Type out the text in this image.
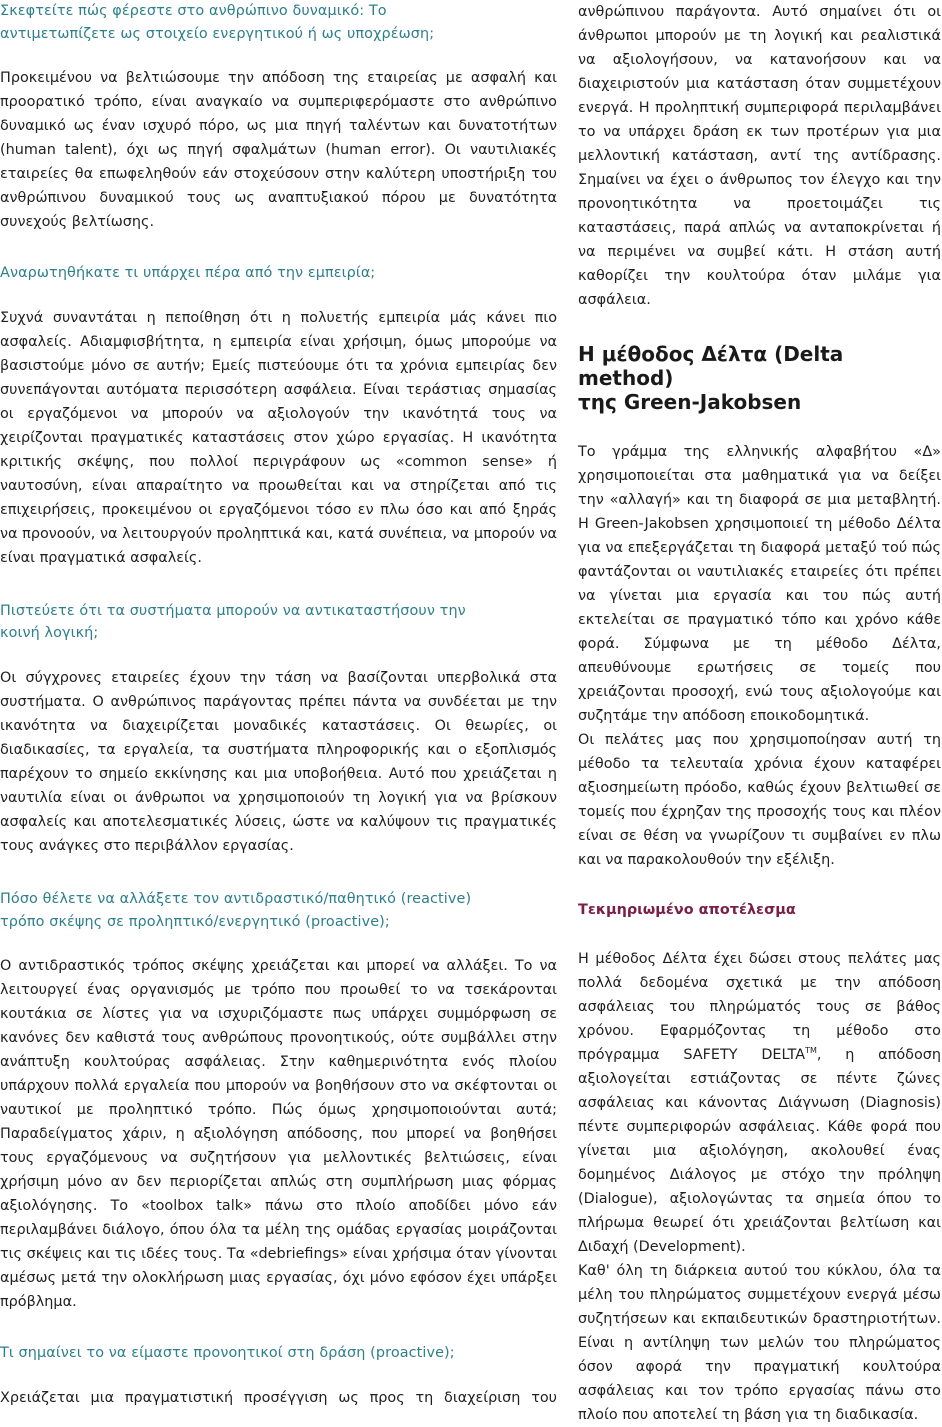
Σκεφτείτε πώς φέρεστε στο ανθρώπινο δυναμικό: Το αντιμετωπίζετε ως στοιχείο ενεργητικού ή ως υποχρέωση;

Προκειμένου να βελτιώσουμε την απόδοση της εταιρείας με ασφαλή και προορατικό τρόπο, είναι αναγκαίο να συμπεριφερόμαστε στο ανθρώπινο δυναμικό ως έναν ισχυρό πόρο, ως μια πηγή ταλέντων και δυνατοτήτων (human talent), όχι ως πηγή σφαλμάτων (human error). Οι ναυτιλιακές εταιρείες θα επωφεληθούν εάν στοχεύσουν στην καλύτερη υποστήριξη του ανθρώπινου δυναμικού τους ως αναπτυξιακού πόρου με δυνατότητα συνεχούς βελτίωσης.

Αναρωτηθήκατε τι υπάρχει πέρα από την εμπειρία;

Συχνά συναντάται η πεποίθηση ότι η πολυετής εμπειρία μάς κάνει πιο ασφαλείς. Αδιαμφισβήτητα, η εμπειρία είναι χρήσιμη, όμως μπορούμε να βασιστούμε μόνο σε αυτήν; Εμείς πιστεύουμε ότι τα χρόνια εμπειρίας δεν συνεπάγονται αυτόματα περισσότερη ασφάλεια. Είναι τεράστιας σημασίας οι εργαζόμενοι να μπορούν να αξιολογούν την ικανότητά τους να χειρίζονται πραγματικές καταστάσεις στον χώρο εργασίας. Η ικανότητα κριτικής σκέψης, που πολλοί περιγράφουν ως «common sense» ή ναυτοσύνη, είναι απαραίτητο να προωθείται και να στηρίζεται από τις επιχειρήσεις, προκειμένου οι εργαζόμενοι τόσο εν πλω όσο και από ξηράς να προνοούν, να λειτουργούν προληπτικά και, κατά συνέπεια, να μπορούν να είναι πραγματικά ασφαλείς.

Πιστεύετε ότι τα συστήματα μπορούν να αντικαταστήσουν την κοινή λογική;

Οι σύγχρονες εταιρείες έχουν την τάση να βασίζονται υπερβολικά στα συστήματα. Ο ανθρώπινος παράγοντας πρέπει πάντα να συνδέεται με την ικανότητα να διαχειρίζεται μοναδικές καταστάσεις. Οι θεωρίες, οι διαδικασίες, τα εργαλεία, τα συστήματα πληροφορικής και ο εξοπλισμός παρέχουν το σημείο εκκίνησης και μια υποβοήθεια. Αυτό που χρειάζεται η ναυτιλία είναι οι άνθρωποι να χρησιμοποιούν τη λογική για να βρίσκουν ασφαλείς και αποτελεσματικές λύσεις, ώστε να καλύψουν τις πραγματικές τους ανάγκες στο περιβάλλον εργασίας.

Πόσο θέλετε να αλλάξετε τον αντιδραστικό/παθητικό (reactive) τρόπο σκέψης σε προληπτικό/ενεργητικό (proactive);

Ο αντιδραστικός τρόπος σκέψης χρειάζεται και μπορεί να αλλάξει. Το να λειτουργεί ένας οργανισμός με τρόπο που προωθεί το να τσεκάρονται κουτάκια σε λίστες για να ισχυριζόμαστε πως υπάρχει συμμόρφωση σε κανόνες δεν καθιστά τους ανθρώπους προνοητικούς, ούτε συμβάλλει στην ανάπτυξη κουλτούρας ασφάλειας. Στην καθημερινότητα ενός πλοίου υπάρχουν πολλά εργαλεία που μπορούν να βοηθήσουν στο να σκέφτονται οι ναυτικοί με προληπτικό τρόπο. Πώς όμως χρησιμοποιούνται αυτά; Παραδείγματος χάριν, η αξιολόγηση απόδοσης, που μπορεί να βοηθήσει τους εργαζόμενους να συζητήσουν για μελλοντικές βελτιώσεις, είναι χρήσιμη μόνο αν δεν περιορίζεται απλώς στη συμπλήρωση μιας φόρμας αξιολόγησης. Το «toolbox talk» πάνω στο πλοίο αποδίδει μόνο εάν περιλαμβάνει διάλογο, όπου όλα τα μέλη της ομάδας εργασίας μοιράζονται τις σκέψεις και τις ιδέες τους. Τα «debriefings» είναι χρήσιμα όταν γίνονται αμέσως μετά την ολοκλήρωση μιας εργασίας, όχι μόνο εφόσον έχει υπάρξει πρόβλημα.

Τι σημαίνει το να είμαστε προνοητικοί στη δράση (proactive);

Χρειάζεται μια πραγματιστική προσέγγιση ως προς τη διαχείριση του

ανθρώπινου παράγοντα. Αυτό σημαίνει ότι οι άνθρωποι μπορούν με τη λογική και ρεαλιστικά να αξιολογήσουν, να κατανοήσουν και να διαχειριστούν μια κατάσταση όταν συμμετέχουν ενεργά. Η προληπτική συμπεριφορά περιλαμβάνει το να υπάρχει δράση εκ των προτέρων για μια μελλοντική κατάσταση, αντί της αντίδρασης. Σημαίνει να έχει ο άνθρωπος τον έλεγχο και την προνοητικότητα να προετοιμάζει τις καταστάσεις, παρά απλώς να ανταποκρίνεται ή να περιμένει να συμβεί κάτι. Η στάση αυτή καθορίζει την κουλτούρα όταν μιλάμε για ασφάλεια.

Η μέθοδος Δέλτα (Delta method)
της Green-Jakobsen

Το γράμμα της ελληνικής αλφαβήτου «Δ» χρησιμοποιείται στα μαθηματικά για να δείξει την «αλλαγή» και τη διαφορά σε μια μεταβλητή. Η Green-Jakobsen χρησιμοποιεί τη μέθοδο Δέλτα για να επεξεργάζεται τη διαφορά μεταξύ τού πώς φαντάζονται οι ναυτιλιακές εταιρείες ότι πρέπει να γίνεται μια εργασία και του πώς αυτή εκτελείται σε πραγματικό τόπο και χρόνο κάθε φορά. Σύμφωνα με τη μέθοδο Δέλτα, απευθύνουμε ερωτήσεις σε τομείς που χρειάζονται προσοχή, ενώ τους αξιολογούμε και συζητάμε την απόδοση εποικοδομητικά.

Οι πελάτες μας που χρησιμοποίησαν αυτή τη μέθοδο τα τελευταία χρόνια έχουν καταφέρει αξιοσημείωτη πρόοδο, καθώς έχουν βελτιωθεί σε τομείς που έχρηζαν της προσοχής τους και πλέον είναι σε θέση να γνωρίζουν τι συμβαίνει εν πλω και να παρακολουθούν την εξέλιξη.

Τεκμηριωμένο αποτέλεσμα

Η μέθοδος Δέλτα έχει δώσει στους πελάτες μας πολλά δεδομένα σχετικά με την απόδοση ασφάλειας του πληρώματός τους σε βάθος χρόνου. Εφαρμόζοντας τη μέθοδο στο πρόγραμμα SAFETY DELTA™, η απόδοση αξιολογείται εστιάζοντας σε πέντε ζώνες ασφάλειας και κάνοντας Διάγνωση (Diagnosis) πέντε συμπεριφορών ασφάλειας. Κάθε φορά που γίνεται μια αξιολόγηση, ακολουθεί ένας δομημένος Διάλογος με στόχο την πρόληψη (Dialogue), αξιολογώντας τα σημεία όπου το πλήρωμα θεωρεί ότι χρειάζονται βελτίωση και Διδαχή (Development).

Καθ' όλη τη διάρκεια αυτού του κύκλου, όλα τα μέλη του πληρώματος συμμετέχουν ενεργά μέσω συζητήσεων και εκπαιδευτικών δραστηριοτήτων. Είναι η αντίληψη των μελών του πληρώματος όσον αφορά την πραγματική κουλτούρα ασφάλειας και τον τρόπο εργασίας πάνω στο πλοίο που αποτελεί τη βάση για τη διαδικασία.
